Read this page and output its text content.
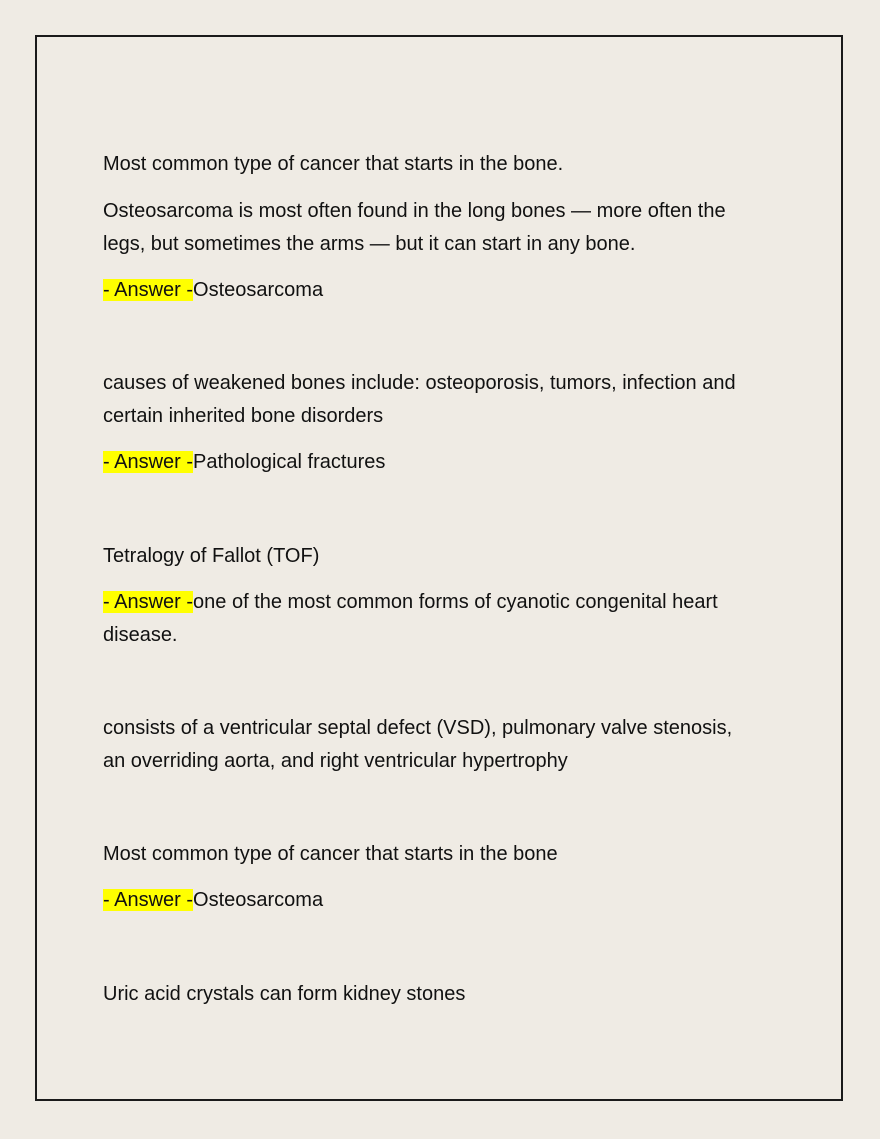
Most common type of cancer that starts in the bone.

Osteosarcoma is most often found in the long bones — more often the

legs, but sometimes the arms — but it can start in any bone.

- Answer -Osteosarcoma

causes of weakened bones include: osteoporosis, tumors, infection and

certain inherited bone disorders

- Answer -Pathological fractures

Tetralogy of Fallot (TOF)

- Answer -one of the most common forms of cyanotic congenital heart

disease.

consists of a ventricular septal defect (VSD), pulmonary valve stenosis,

an overriding aorta, and right ventricular hypertrophy

Most common type of cancer that starts in the bone

- Answer -Osteosarcoma

Uric acid crystals can form kidney stones
